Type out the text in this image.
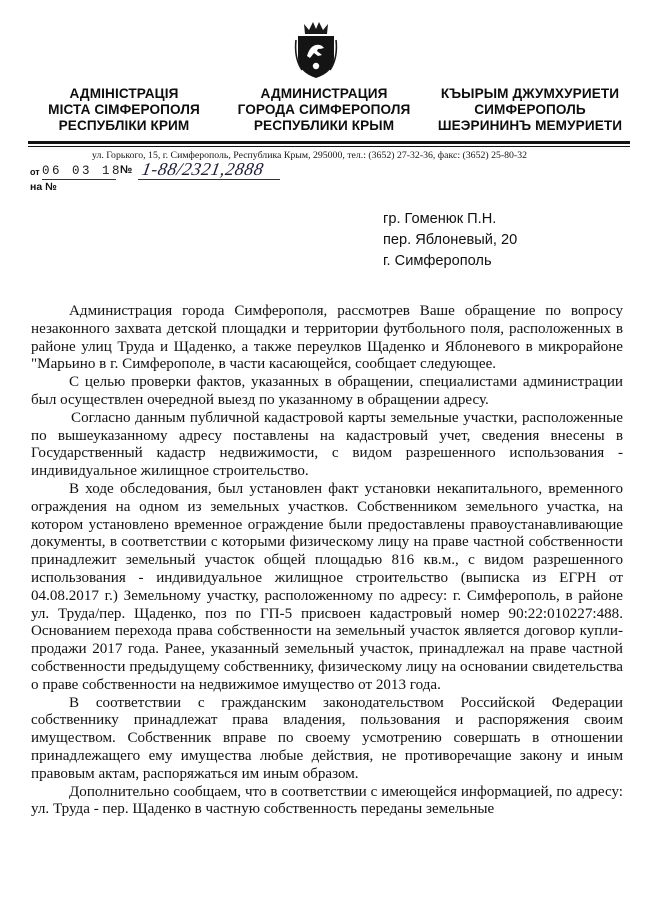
АДМІНІСТРАЦІЯ
МІСТА СІМФЕРОПОЛЯ
РЕСПУБЛІКИ КРИМ
АДМИНИСТРАЦИЯ
ГОРОДА СИМФЕРОПОЛЯ
РЕСПУБЛИКИ КРЫМ
КЪЫРЫМ ДЖУМХУРИЕТИ
СИМФЕРОПОЛЬ
ШЕЭРИНИНЪ МЕМУРИЕТИ
ул. Горького, 15, г. Симферополь, Республика Крым, 295000, тел.: (3652) 27-32-36, факс: (3652) 25-80-32
от 06 03 18
№ 1-88/2321,2888
на №
гр. Гоменюк П.Н.
пер. Яблоневый, 20
г. Симферополь

Администрация города Симферополя, рассмотрев Ваше обращение по вопросу незаконного захвата детской площадки и территории футбольного поля, расположенных в районе улиц Труда и Щаденко, а также переулков Щаденко и Яблоневого в микрорайоне "Марьино в г. Симферополе, в части касающейся, сообщает следующее.

С целью проверки фактов, указанных в обращении, специалистами администрации был осуществлен очередной выезд по указанному в обращении адресу.

Согласно данным публичной кадастровой карты земельные участки, расположенные по вышеуказанному адресу поставлены на кадастровый учет, сведения внесены в Государственный кадастр недвижимости, с видом разрешенного использования - индивидуальное жилищное строительство.

В ходе обследования, был установлен факт установки некапитального, временного ограждения на одном из земельных участков. Собственником земельного участка, на котором установлено временное ограждение были предоставлены правоустанавливающие документы, в соответствии с которыми физическому лицу на праве частной собственности принадлежит земельный участок общей площадью 816 кв.м., с видом разрешенного использования - индивидуальное жилищное строительство (выписка из ЕГРН от 04.08.2017 г.) Земельному участку, расположенному по адресу: г. Симферополь, в районе ул. Труда/пер. Щаденко, поз по ГП-5 присвоен кадастровый номер 90:22:010227:488. Основанием перехода права собственности на земельный участок является договор купли-продажи 2017 года. Ранее, указанный земельный участок, принадлежал на праве частной собственности предыдущему собственнику, физическому лицу на основании свидетельства о праве собственности на недвижимое имущество от 2013 года.

В соответствии с гражданским законодательством Российской Федерации собственнику принадлежат права владения, пользования и распоряжения своим имуществом. Собственник вправе по своему усмотрению совершать в отношении принадлежащего ему имущества любые действия, не противоречащие закону и иным правовым актам, распоряжаться им иным образом.

Дополнительно сообщаем, что в соответствии с имеющейся информацией, по адресу: ул. Труда - пер. Щаденко в частную собственность переданы земельные
